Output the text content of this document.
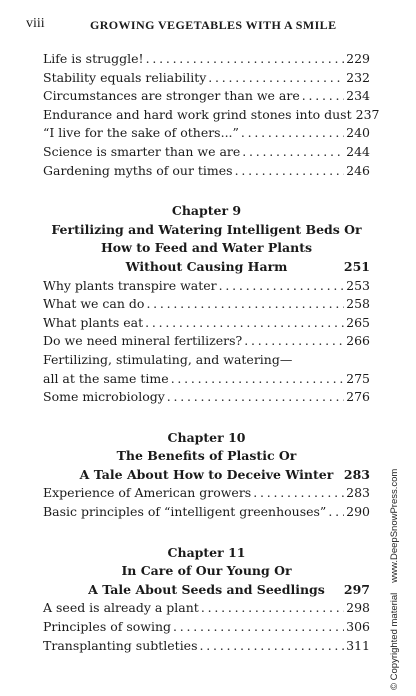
viii	GROWING VEGETABLES WITH A SMILE
Life is struggle! . . .	229
Stability equals reliability . . .	232
Circumstances are stronger than we are . . .	234
Endurance and hard work grind stones into dust 237
“I live for the sake of others...” . . .	240
Science is smarter than we are . . .	244
Gardening myths of our times . . .	246
Chapter 9
Fertilizing and Watering Intelligent Beds Or
How to Feed and Water Plants
Without Causing Harm	251
Why plants transpire water . . .	253
What we can do . . .	258
What plants eat . . .	265
Do we need mineral fertilizers? . . .	266
Fertilizing, stimulating, and watering—
all at the same time . . .	275
Some microbiology . . .	276
Chapter 10
The Benefits of Plastic Or
A Tale About How to Deceive Winter 283
Experience of American growers . . .	283
Basic principles of “intelligent greenhouses” . . . 290
Chapter 11
In Care of Our Young Or
A Tale About Seeds and Seedlings 297
A seed is already a plant . . .	298
Principles of sowing . . .	306
Transplanting subtleties . . .	311 © Copyrighted materialwww.DeepSnowPress.com
